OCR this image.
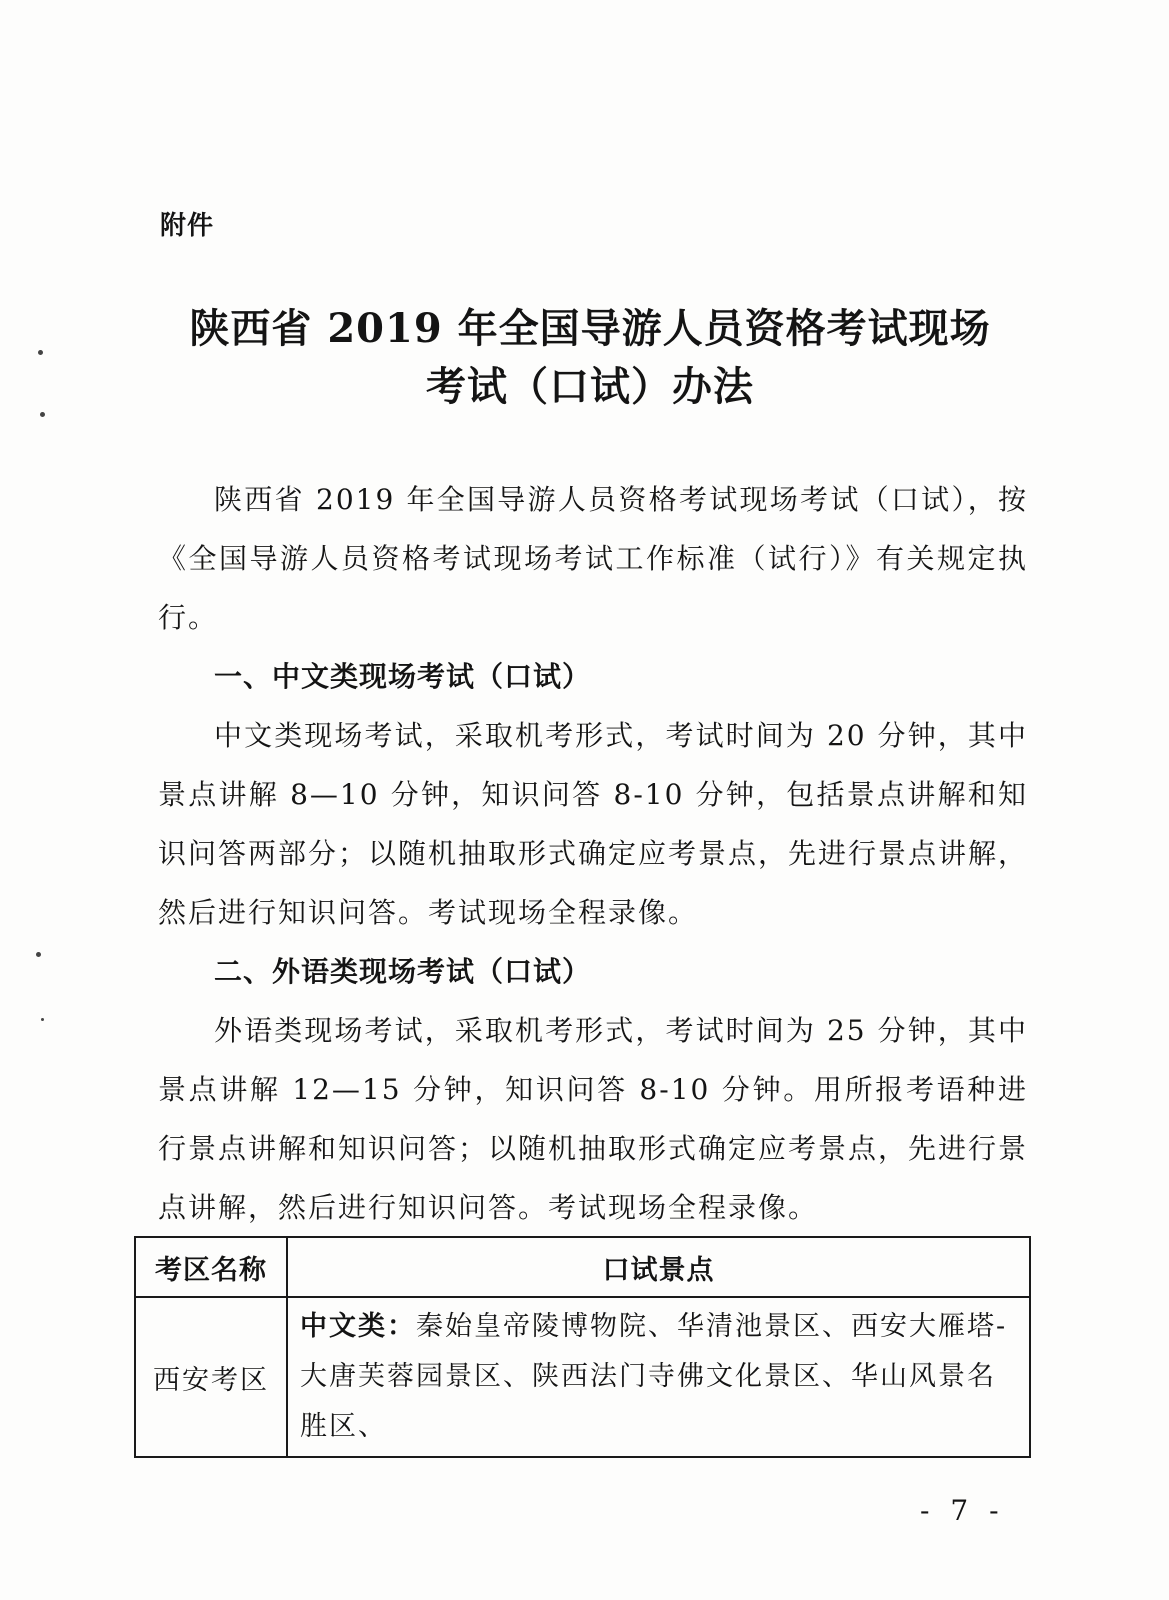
附件
陕西省 2019 年全国导游人员资格考试现场
考试（口试）办法

陕西省 2019 年全国导游人员资格考试现场考试（口试），按《全国导游人员资格考试现场考试工作标准（试行）》有关规定执行。

一、中文类现场考试（口试）

中文类现场考试，采取机考形式，考试时间为 20 分钟，其中景点讲解 8—10 分钟，知识问答 8-10 分钟，包括景点讲解和知识问答两部分；以随机抽取形式确定应考景点，先进行景点讲解，然后进行知识问答。考试现场全程录像。

二、外语类现场考试（口试）

外语类现场考试，采取机考形式，考试时间为 25 分钟，其中景点讲解 12—15 分钟，知识问答 8-10 分钟。用所报考语种进行景点讲解和知识问答；以随机抽取形式确定应考景点，先进行景点讲解，然后进行知识问答。考试现场全程录像。

考区名称	口试景点
西安考区	中文类：秦始皇帝陵博物院、华清池景区、西安大雁塔-大唐芙蓉园景区、陕西法门寺佛文化景区、华山风景名胜区、
- 7 -
